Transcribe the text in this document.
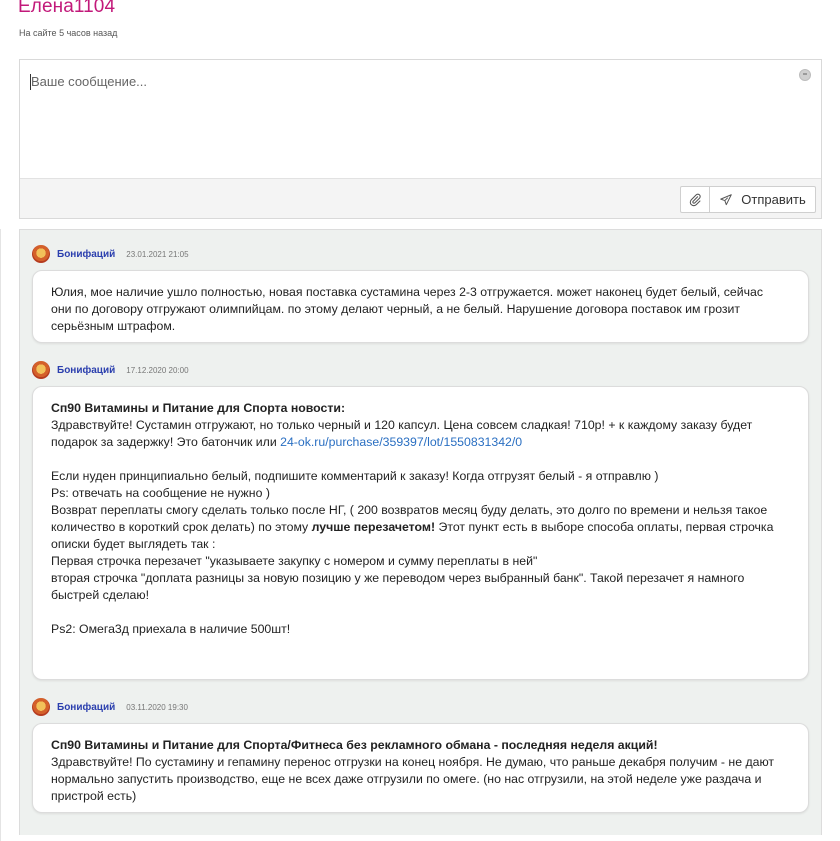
Елена1104
На сайте 5 часов назад
Ваше сообщение...
Отправить
Бонифаций 23.01.2021 21:05

Юлия, мое наличие ушло полностью, новая поставка сустамина через 2-3 отгружается. может наконец будет белый, сейчас

они по договору отгружают олимпийцам. по этому делают черный, а не белый. Нарушение договора поставок им грозит

серьёзным штрафом.

Бонифаций 17.12.2020 20:00

Сп90 Витамины и Питание для Спорта новости:

Здравствуйте! Сустамин отгружают, но только черный и 120 капсул. Цена совсем сладкая! 710р! + к каждому заказу будет

подарок за задержку! Это батончик или 24-ok.ru/purchase/359397/lot/1550831342/0

Если нуден принципиально белый, подпишите комментарий к заказу! Когда отгрузят белый - я отправлю )

Ps: отвечать на сообщение не нужно )

Возврат переплаты смогу сделать только после НГ, ( 200 возвратов месяц буду делать, это долго по времени и нельзя такое

количество в короткий срок делать) по этому лучше перезачетом! Этот пункт есть в выборе способа оплаты, первая строчка

описки будет выглядеть так :

Первая строчка перезачет "указываете закупку с номером и сумму переплаты в ней"

вторая строчка "доплата разницы за новую позицию у же переводом через выбранный банк". Такой перезачет я намного

быстрей сделаю!

Ps2: Омега3д приехала в наличие 500шт!

Бонифаций 03.11.2020 19:30

Сп90 Витамины и Питание для Спорта/Фитнеса без рекламного обмана - последняя неделя акций!

Здравствуйте! По сустамину и гепамину перенос отгрузки на конец ноября. Не думаю, что раньше декабря получим - не дают

нормально запустить производство, еще не всех даже отгрузили по омеге. (но нас отгрузили, на этой неделе уже раздача и

пристрой есть)
